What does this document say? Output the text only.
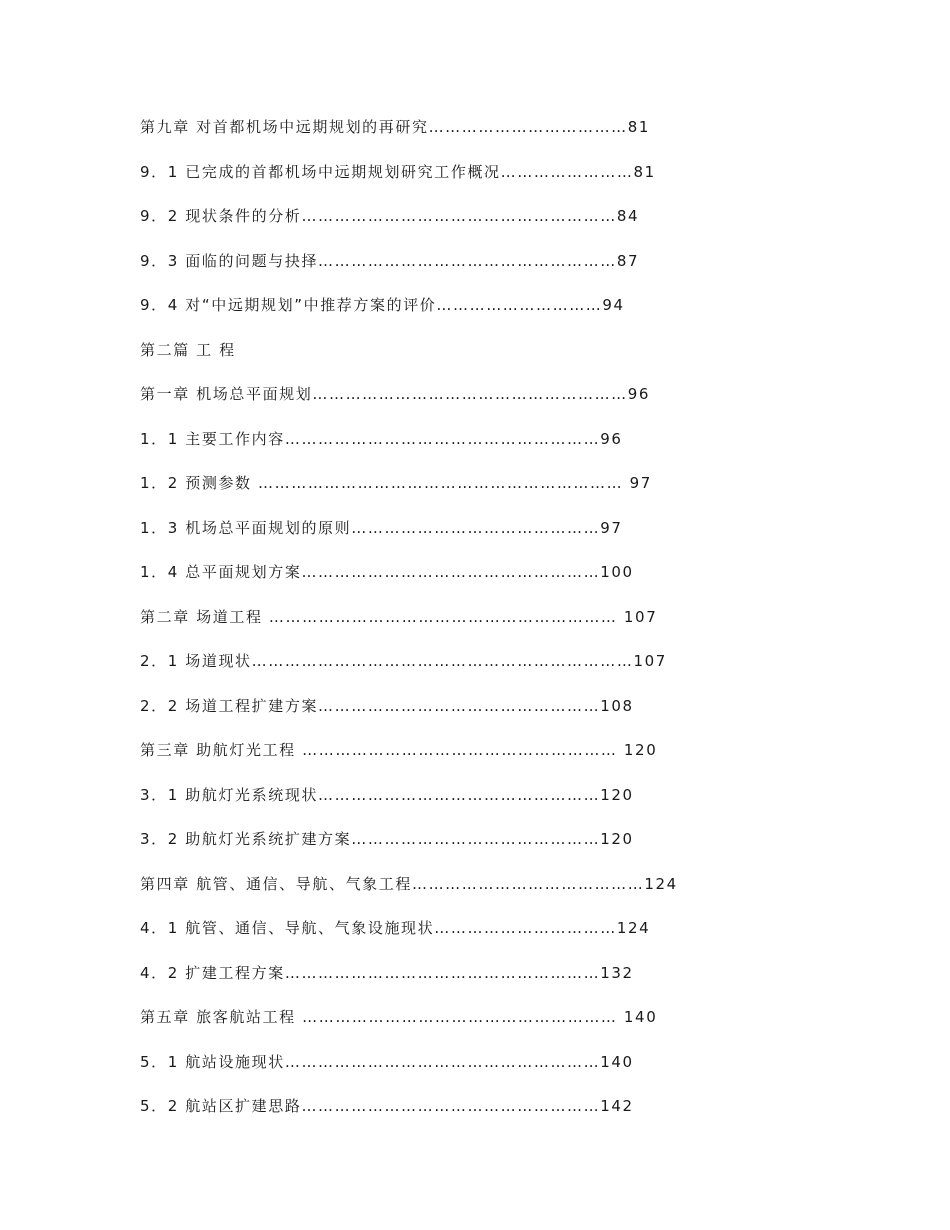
第九章 对首都机场中远期规划的再研究………………………………81
9．1 已完成的首都机场中远期规划研究工作概况……………………81
9．2 现状条件的分析…………………………………………………84
9．3 面临的问题与抉择………………………………………………87
9．4 对“中远期规划”中推荐方案的评价…………………………94
第二篇 工 程
第一章 机场总平面规划…………………………………………………96
1．1 主要工作内容…………………………………………………96
1．2 预测参数 ………………………………………………………… 97
1．3 机场总平面规划的原则………………………………………97
1．4 总平面规划方案………………………………………………100
第二章 场道工程 ……………………………………………………… 107
2．1 场道现状……………………………………………………………107
2．2 场道工程扩建方案……………………………………………108
第三章 助航灯光工程 ………………………………………………… 120
3．1 助航灯光系统现状……………………………………………120
3．2 助航灯光系统扩建方案………………………………………120
第四章 航管、通信、导航、气象工程……………………………………124
4．1 航管、通信、导航、气象设施现状……………………………124
4．2 扩建工程方案…………………………………………………132
第五章 旅客航站工程 ………………………………………………… 140
5．1 航站设施现状…………………………………………………140
5．2 航站区扩建思路………………………………………………142
